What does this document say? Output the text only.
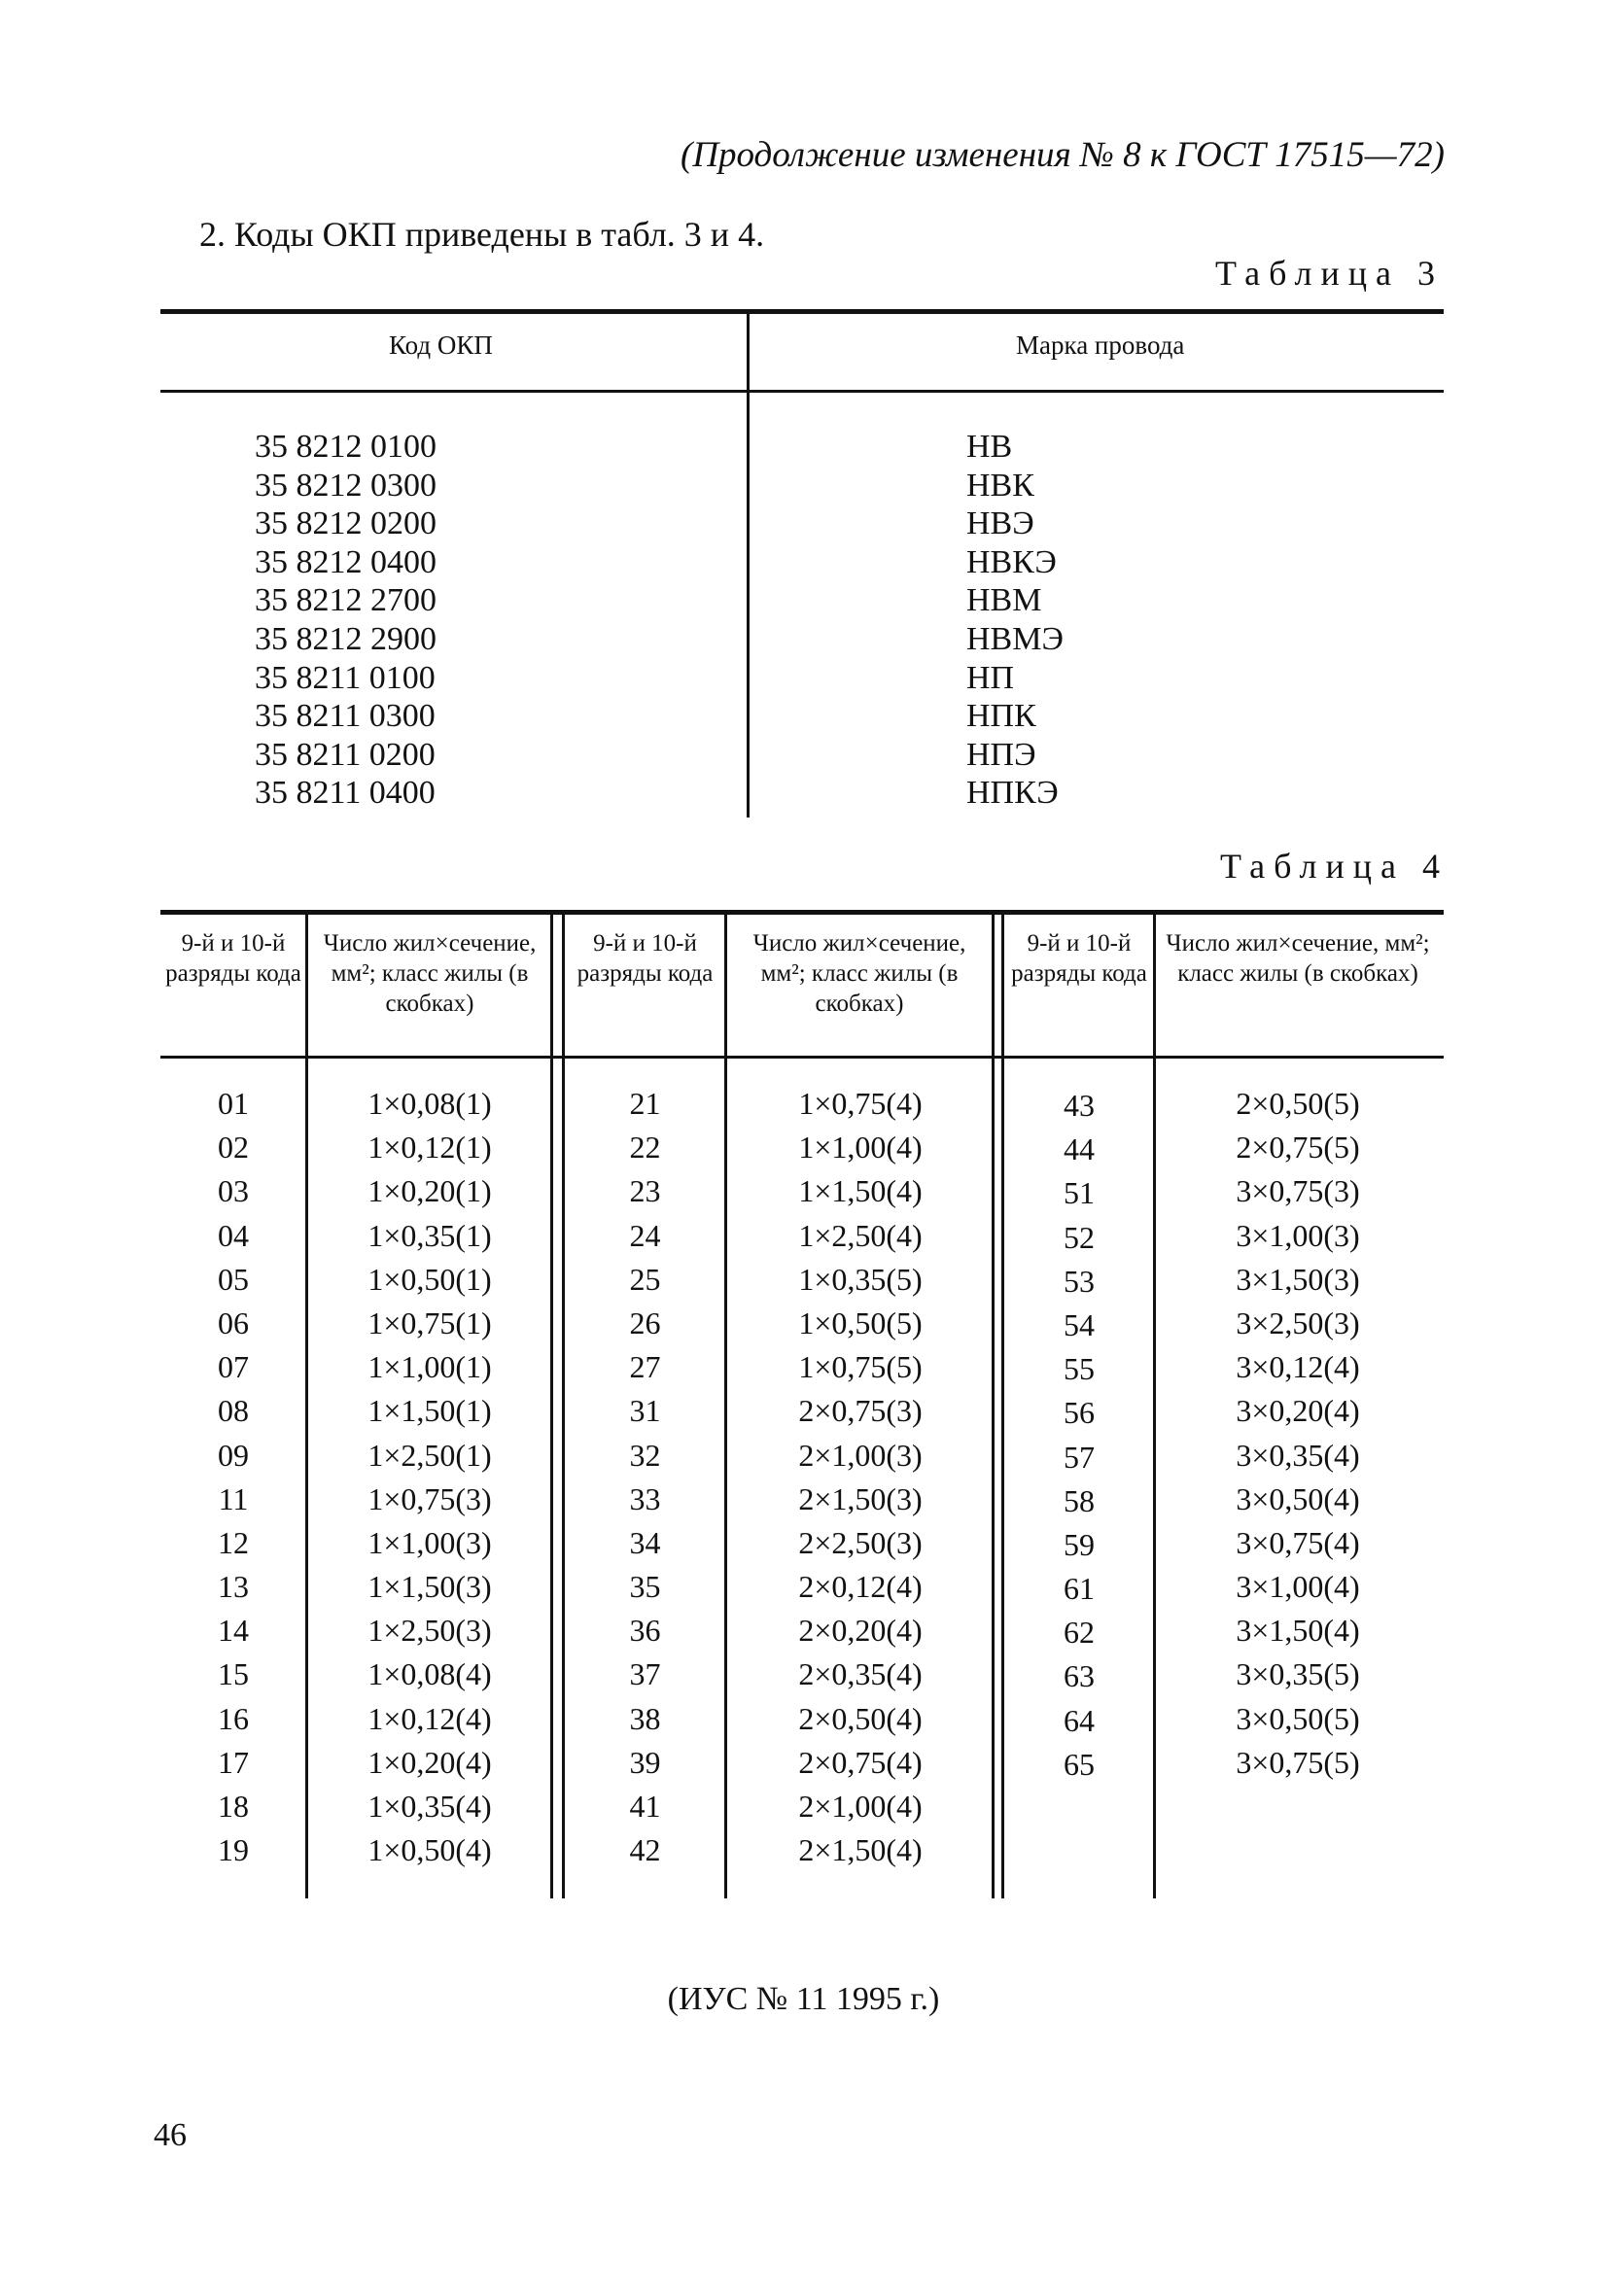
(Продолжение изменения № 8 к ГОСТ 17515—72)
2. Коды ОКП приведены в табл. 3 и 4.
Таблица 3
Код ОКП	Марка провода
35 8212 0100
35 8212 0300
35 8212 0200
35 8212 0400
35 8212 2700
35 8212 2900
35 8211 0100
35 8211 0300
35 8211 0200
35 8211 0400
НВ
НВК
НВЭ
НВКЭ
НВМ
НВМЭ
НП
НПК
НПЭ
НПКЭ
Таблица 4
9-й и 10-й разряды кода
Число жил×сечение, мм²; класс жилы (в скобках)
9-й и 10-й разряды кода
Число жил×сечение, мм²; класс жилы (в скобках)
9-й и 10-й разряды кода
Число жил×сечение, мм²; класс жилы (в скобках)
01
02
03
04
05
06
07
08
09
11
12
13
14
15
16
17
18
19
1×0,08(1)
1×0,12(1)
1×0,20(1)
1×0,35(1)
1×0,50(1)
1×0,75(1)
1×1,00(1)
1×1,50(1)
1×2,50(1)
1×0,75(3)
1×1,00(3)
1×1,50(3)
1×2,50(3)
1×0,08(4)
1×0,12(4)
1×0,20(4)
1×0,35(4)
1×0,50(4)
21
22
23
24
25
26
27
31
32
33
34
35
36
37
38
39
41
42
1×0,75(4)
1×1,00(4)
1×1,50(4)
1×2,50(4)
1×0,35(5)
1×0,50(5)
1×0,75(5)
2×0,75(3)
2×1,00(3)
2×1,50(3)
2×2,50(3)
2×0,12(4)
2×0,20(4)
2×0,35(4)
2×0,50(4)
2×0,75(4)
2×1,00(4)
2×1,50(4)
43
44
51
52
53
54
55
56
57
58
59
61
62
63
64
65
2×0,50(5)
2×0,75(5)
3×0,75(3)
3×1,00(3)
3×1,50(3)
3×2,50(3)
3×0,12(4)
3×0,20(4)
3×0,35(4)
3×0,50(4)
3×0,75(4)
3×1,00(4)
3×1,50(4)
3×0,35(5)
3×0,50(5)
3×0,75(5)
(ИУС № 11 1995 г.)
46
